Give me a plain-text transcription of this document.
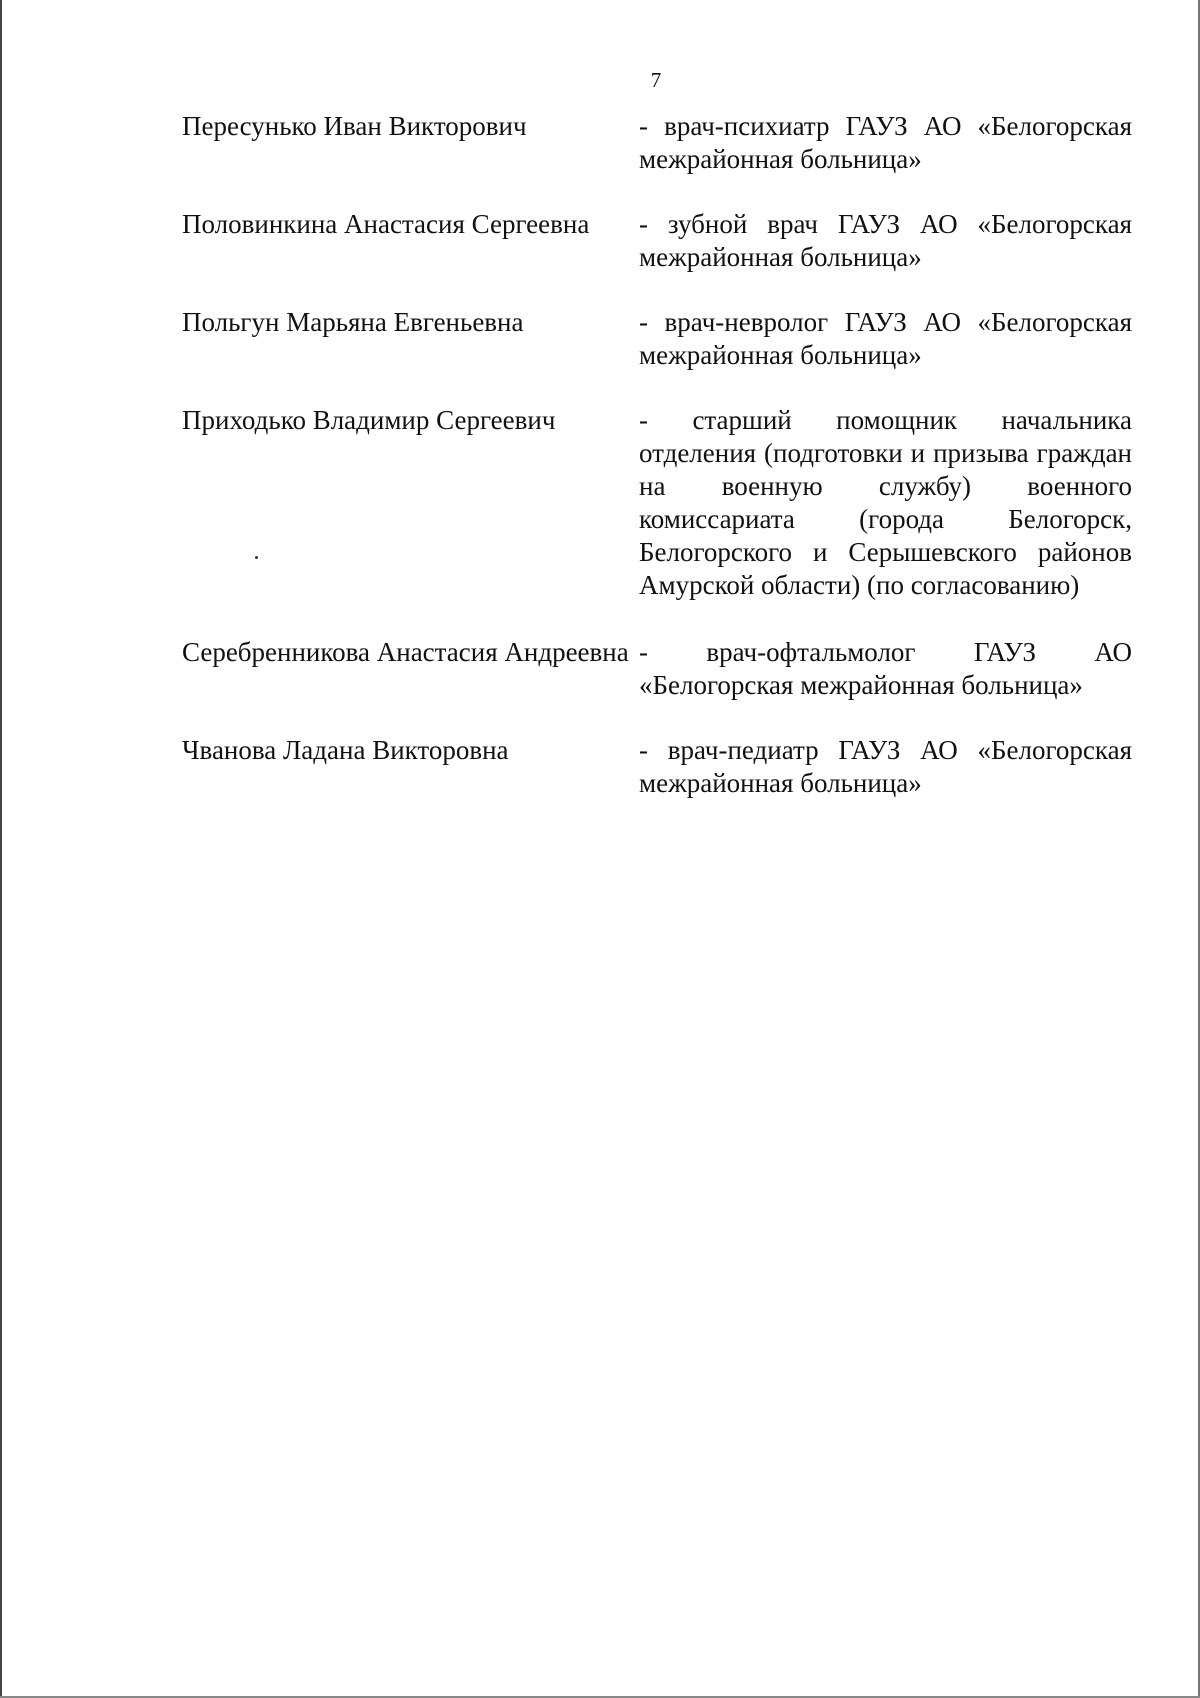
7
Пересунько Иван Викторович	- врач-психиатр ГАУЗ АО «Белогорская межрайонная больница»
Половинкина Анастасия Сергеевна	- зубной врач ГАУЗ АО «Белогорская межрайонная больница»
Польгун Марьяна Евгеньевна	- врач-невролог ГАУЗ АО «Белогорская межрайонная больница»
Приходько Владимир Сергеевич	- старший помощник начальника отделения (подготовки и призыва граждан на военную службу) военного комиссариата (города Белогорск, Белогорского и Серышевского районов Амурской области) (по согласованию)
Серебренникова Анастасия Андреевна - врач-офтальмолог ГАУЗ АО «Белогорская межрайонная больница»
Чванова Ладана Викторовна	- врач-педиатр ГАУЗ АО «Белогорская межрайонная больница»
